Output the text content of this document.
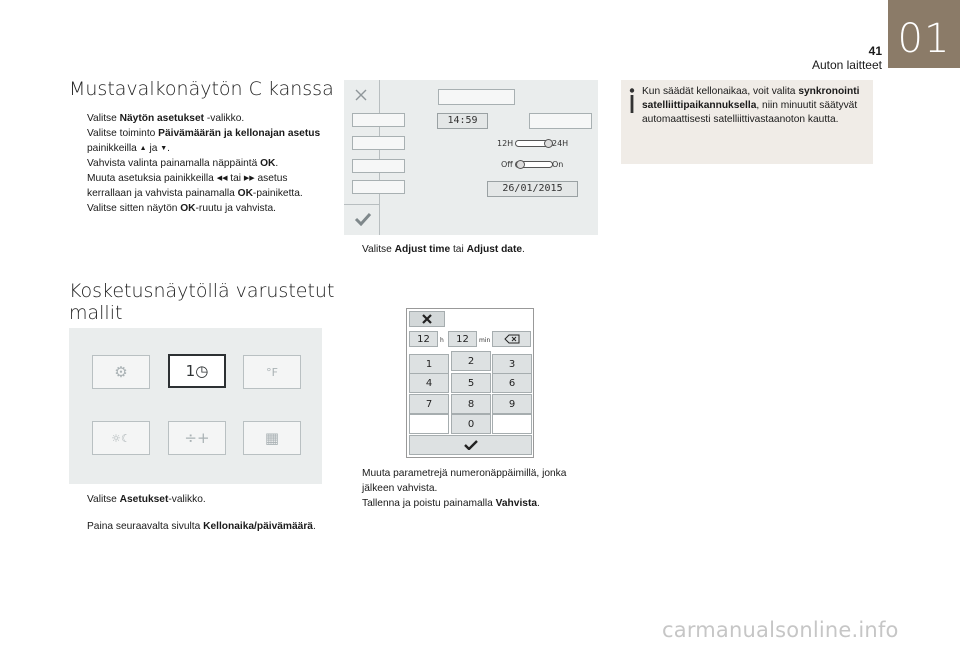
01
41
Auton laitteet
Mustavalkonäytön C kanssa
Valitse Näytön asetukset -valikko.
Valitse toiminto Päivämäärän ja kellonajan asetus
painikkeilla ▲ ja ▼.
Vahvista valinta painamalla näppäintä OK.
Muuta asetuksia painikkeilla ◀◀ tai ▶▶ asetus
kerrallaan ja vahvista painamalla OK-painiketta.
Valitse sitten näytön OK-ruutu ja vahvista.
Kosketusnäytöllä varustetut
mallit
⚙	1◷	°F
☼☾	÷+	▦
Valitse Asetukset-valikko.
Paina seuraavalta sivulta Kellonaika/päivämäärä.
14:59
12H	24H
Off	On
26/01/2015
Valitse Adjust time tai Adjust date.
12	h	12	min
1	2	3
4	5	6
7	8	9
0
Muuta parametrejä numeronäppäimillä, jonka
jälkeen vahvista.
Tallenna ja poistu painamalla Vahvista.
Kun säädät kellonaikaa, voit valita synkronointi satelliittipaikannuksella, niin minuutit säätyvät automaattisesti satelliittivastaanoton kautta.
carmanualsonline.info
